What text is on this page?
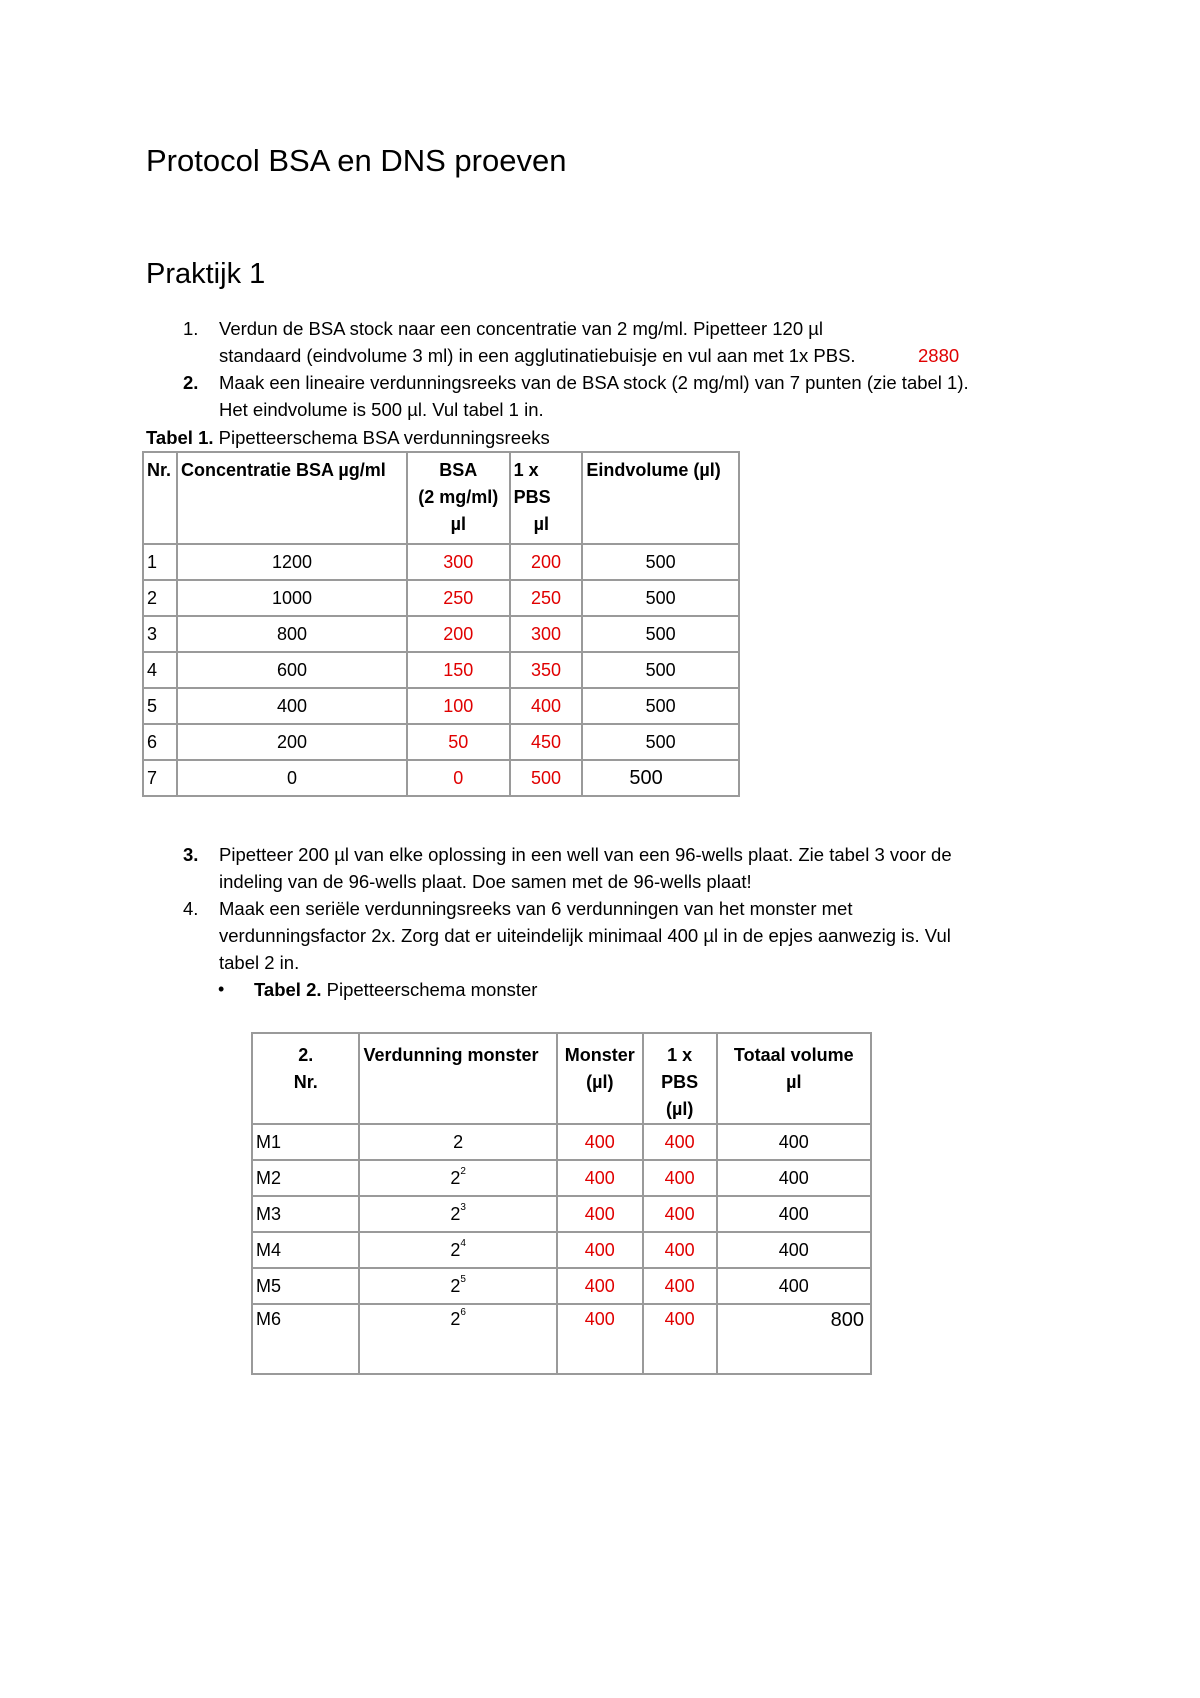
Protocol BSA en DNS proeven
Praktijk 1
1.	Verdun de BSA stock naar een concentratie van 2 mg/ml. Pipetteer 120 µl
standaard (eindvolume 3 ml) in een agglutinatiebuisje en vul aan met 1x PBS.	2880
2.	Maak een lineaire verdunningsreeks van de BSA stock (2 mg/ml) van 7 punten (zie tabel 1).
Het eindvolume is 500 µl. Vul tabel 1 in.
Tabel 1. Pipetteerschema BSA verdunningsreeks
Nr.	Concentratie BSA µg/ml	BSA
(2 mg/ml)
µl	1 x PBS
µl	Eindvolume (µl)
1	1200	300	200	500
2	1000	250	250	500
3	800	200	300	500
4	600	150	350	500
5	400	100	400	500
6	200	50	450	500
7	0	0	500	500
3.	Pipetteer 200 µl van elke oplossing in een well van een 96-wells plaat. Zie tabel 3 voor de
indeling van de 96-wells plaat. Doe samen met de 96-wells plaat!
4.	Maak een seriële verdunningsreeks van 6 verdunningen van het monster met
verdunningsfactor 2x. Zorg dat er uiteindelijk minimaal 400 µl in de epjes aanwezig is. Vul
tabel 2 in.
• Tabel 2. Pipetteerschema monster
2.
Nr.	Verdunning monster	Monster
(µl)	1 x PBS
(µl)	Totaal volume
µl
M1	2	400	400	400
M2	$2^2$	400	400	400
M3	$2^3$	400	400	400
M4	$2^4$	400	400	400
M5	$2^5$	400	400	400
M6	$2^6$	400	400	800
